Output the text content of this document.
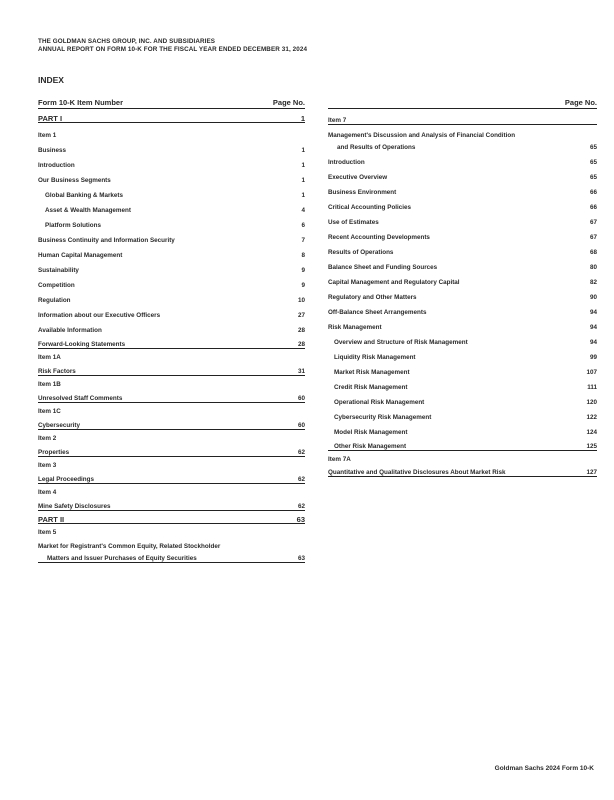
THE GOLDMAN SACHS GROUP, INC. AND SUBSIDIARIES
ANNUAL REPORT ON FORM 10-K FOR THE FISCAL YEAR ENDED DECEMBER 31, 2024
INDEX
Form 10-K Item Number	Page No.
PART I	1
Item 1
Business	1
Introduction	1
Our Business Segments	1
Global Banking & Markets	1
Asset & Wealth Management	4
Platform Solutions	6
Business Continuity and Information Security	7
Human Capital Management	8
Sustainability	9
Competition	9
Regulation	10
Information about our Executive Officers	27
Available Information	28
Forward-Looking Statements	28
Item 1A
Risk Factors	31
Item 1B
Unresolved Staff Comments	60
Item 1C
Cybersecurity	60
Item 2
Properties	62
Item 3
Legal Proceedings	62
Item 4
Mine Safety Disclosures	62
PART II	63
Item 5
Market for Registrant's Common Equity, Related Stockholder
Matters and Issuer Purchases of Equity Securities	63
Page No.
Item 7
Management's Discussion and Analysis of Financial Condition
and Results of Operations	65
Introduction	65
Executive Overview	65
Business Environment	66
Critical Accounting Policies	66
Use of Estimates	67
Recent Accounting Developments	67
Results of Operations	68
Balance Sheet and Funding Sources	80
Capital Management and Regulatory Capital	82
Regulatory and Other Matters	90
Off-Balance Sheet Arrangements	94
Risk Management	94
Overview and Structure of Risk Management	94
Liquidity Risk Management	99
Market Risk Management	107
Credit Risk Management	111
Operational Risk Management	120
Cybersecurity Risk Management	122
Model Risk Management	124
Other Risk Management	125
Item 7A
Quantitative and Qualitative Disclosures About Market Risk	127
Goldman Sachs 2024 Form 10-K
